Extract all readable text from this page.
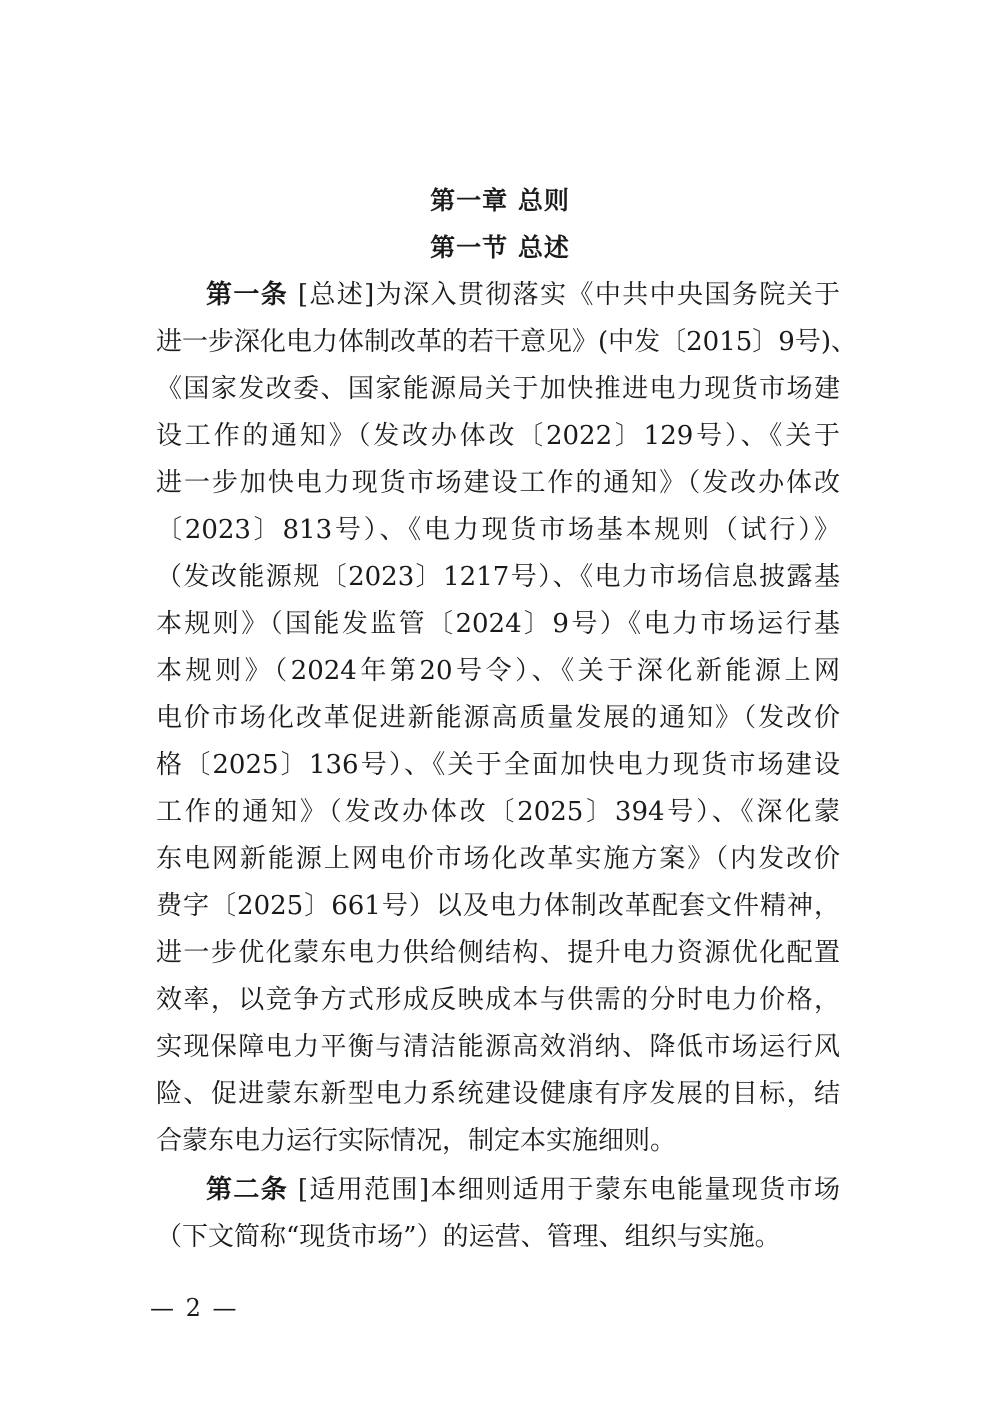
第一章 总则
第一节 总述
第一条 [总述]为深入贯彻落实《中共中央国务院关于
进一步深化电力体制改革的若干意见》(中发〔2015〕9号)、
《国家发改委、国家能源局关于加快推进电力现货市场建
设工作的通知》（发改办体改〔2022〕129号）、《关于
进一步加快电力现货市场建设工作的通知》（发改办体改
〔2023〕813号）、《电力现货市场基本规则（试行）》
（发改能源规〔2023〕1217号）、《电力市场信息披露基
本规则》（国能发监管〔2024〕9号）《电力市场运行基
本规则》（2024年第20号令）、《关于深化新能源上网
电价市场化改革促进新能源高质量发展的通知》（发改价
格〔2025〕136号）、《关于全面加快电力现货市场建设
工作的通知》（发改办体改〔2025〕394号）、《深化蒙
东电网新能源上网电价市场化改革实施方案》（内发改价
费字〔2025〕661号）以及电力体制改革配套文件精神，
进一步优化蒙东电力供给侧结构、提升电力资源优化配置
效率，以竞争方式形成反映成本与供需的分时电力价格，
实现保障电力平衡与清洁能源高效消纳、降低市场运行风
险、促进蒙东新型电力系统建设健康有序发展的目标，结
合蒙东电力运行实际情况，制定本实施细则。
第二条 [适用范围]本细则适用于蒙东电能量现货市场
（下文简称“现货市场”）的运营、管理、组织与实施。
— 2 —
